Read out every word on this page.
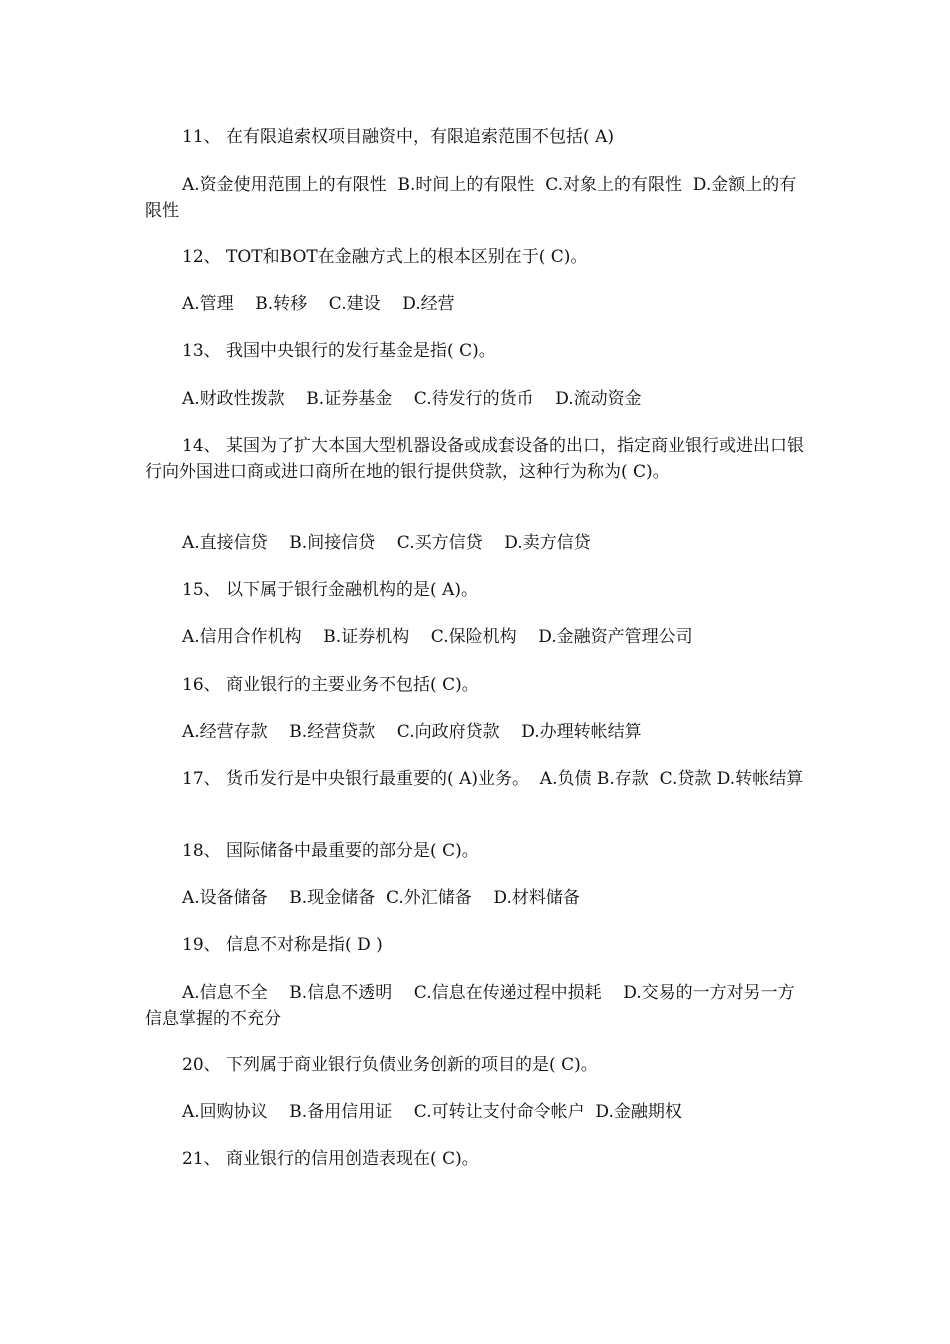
11、 在有限追索权项目融资中，有限追索范围不包括( A)

A.资金使用范围上的有限性  B.时间上的有限性  C.对象上的有限性  D.金额上的有限性

12、 TOT和BOT在金融方式上的根本区别在于( C)。

A.管理    B.转移    C.建设    D.经营

13、 我国中央银行的发行基金是指( C)。

A.财政性拨款    B.证券基金    C.待发行的货币    D.流动资金

14、 某国为了扩大本国大型机器设备或成套设备的出口，指定商业银行或进出口银行向外国进口商或进口商所在地的银行提供贷款，这种行为称为( C)。

A.直接信贷    B.间接信贷    C.买方信贷    D.卖方信贷

15、 以下属于银行金融机构的是( A)。

A.信用合作机构    B.证券机构    C.保险机构    D.金融资产管理公司

16、 商业银行的主要业务不包括( C)。

A.经营存款    B.经营贷款    C.向政府贷款    D.办理转帐结算

17、 货币发行是中央银行最重要的( A)业务。  A.负债 B.存款  C.贷款 D.转帐结算

18、 国际储备中最重要的部分是( C)。

A.设备储备    B.现金储备  C.外汇储备    D.材料储备

19、 信息不对称是指( D )

A.信息不全    B.信息不透明    C.信息在传递过程中损耗    D.交易的一方对另一方信息掌握的不充分

20、 下列属于商业银行负债业务创新的项目的是( C)。

A.回购协议    B.备用信用证    C.可转让支付命令帐户  D.金融期权

21、 商业银行的信用创造表现在( C)。
